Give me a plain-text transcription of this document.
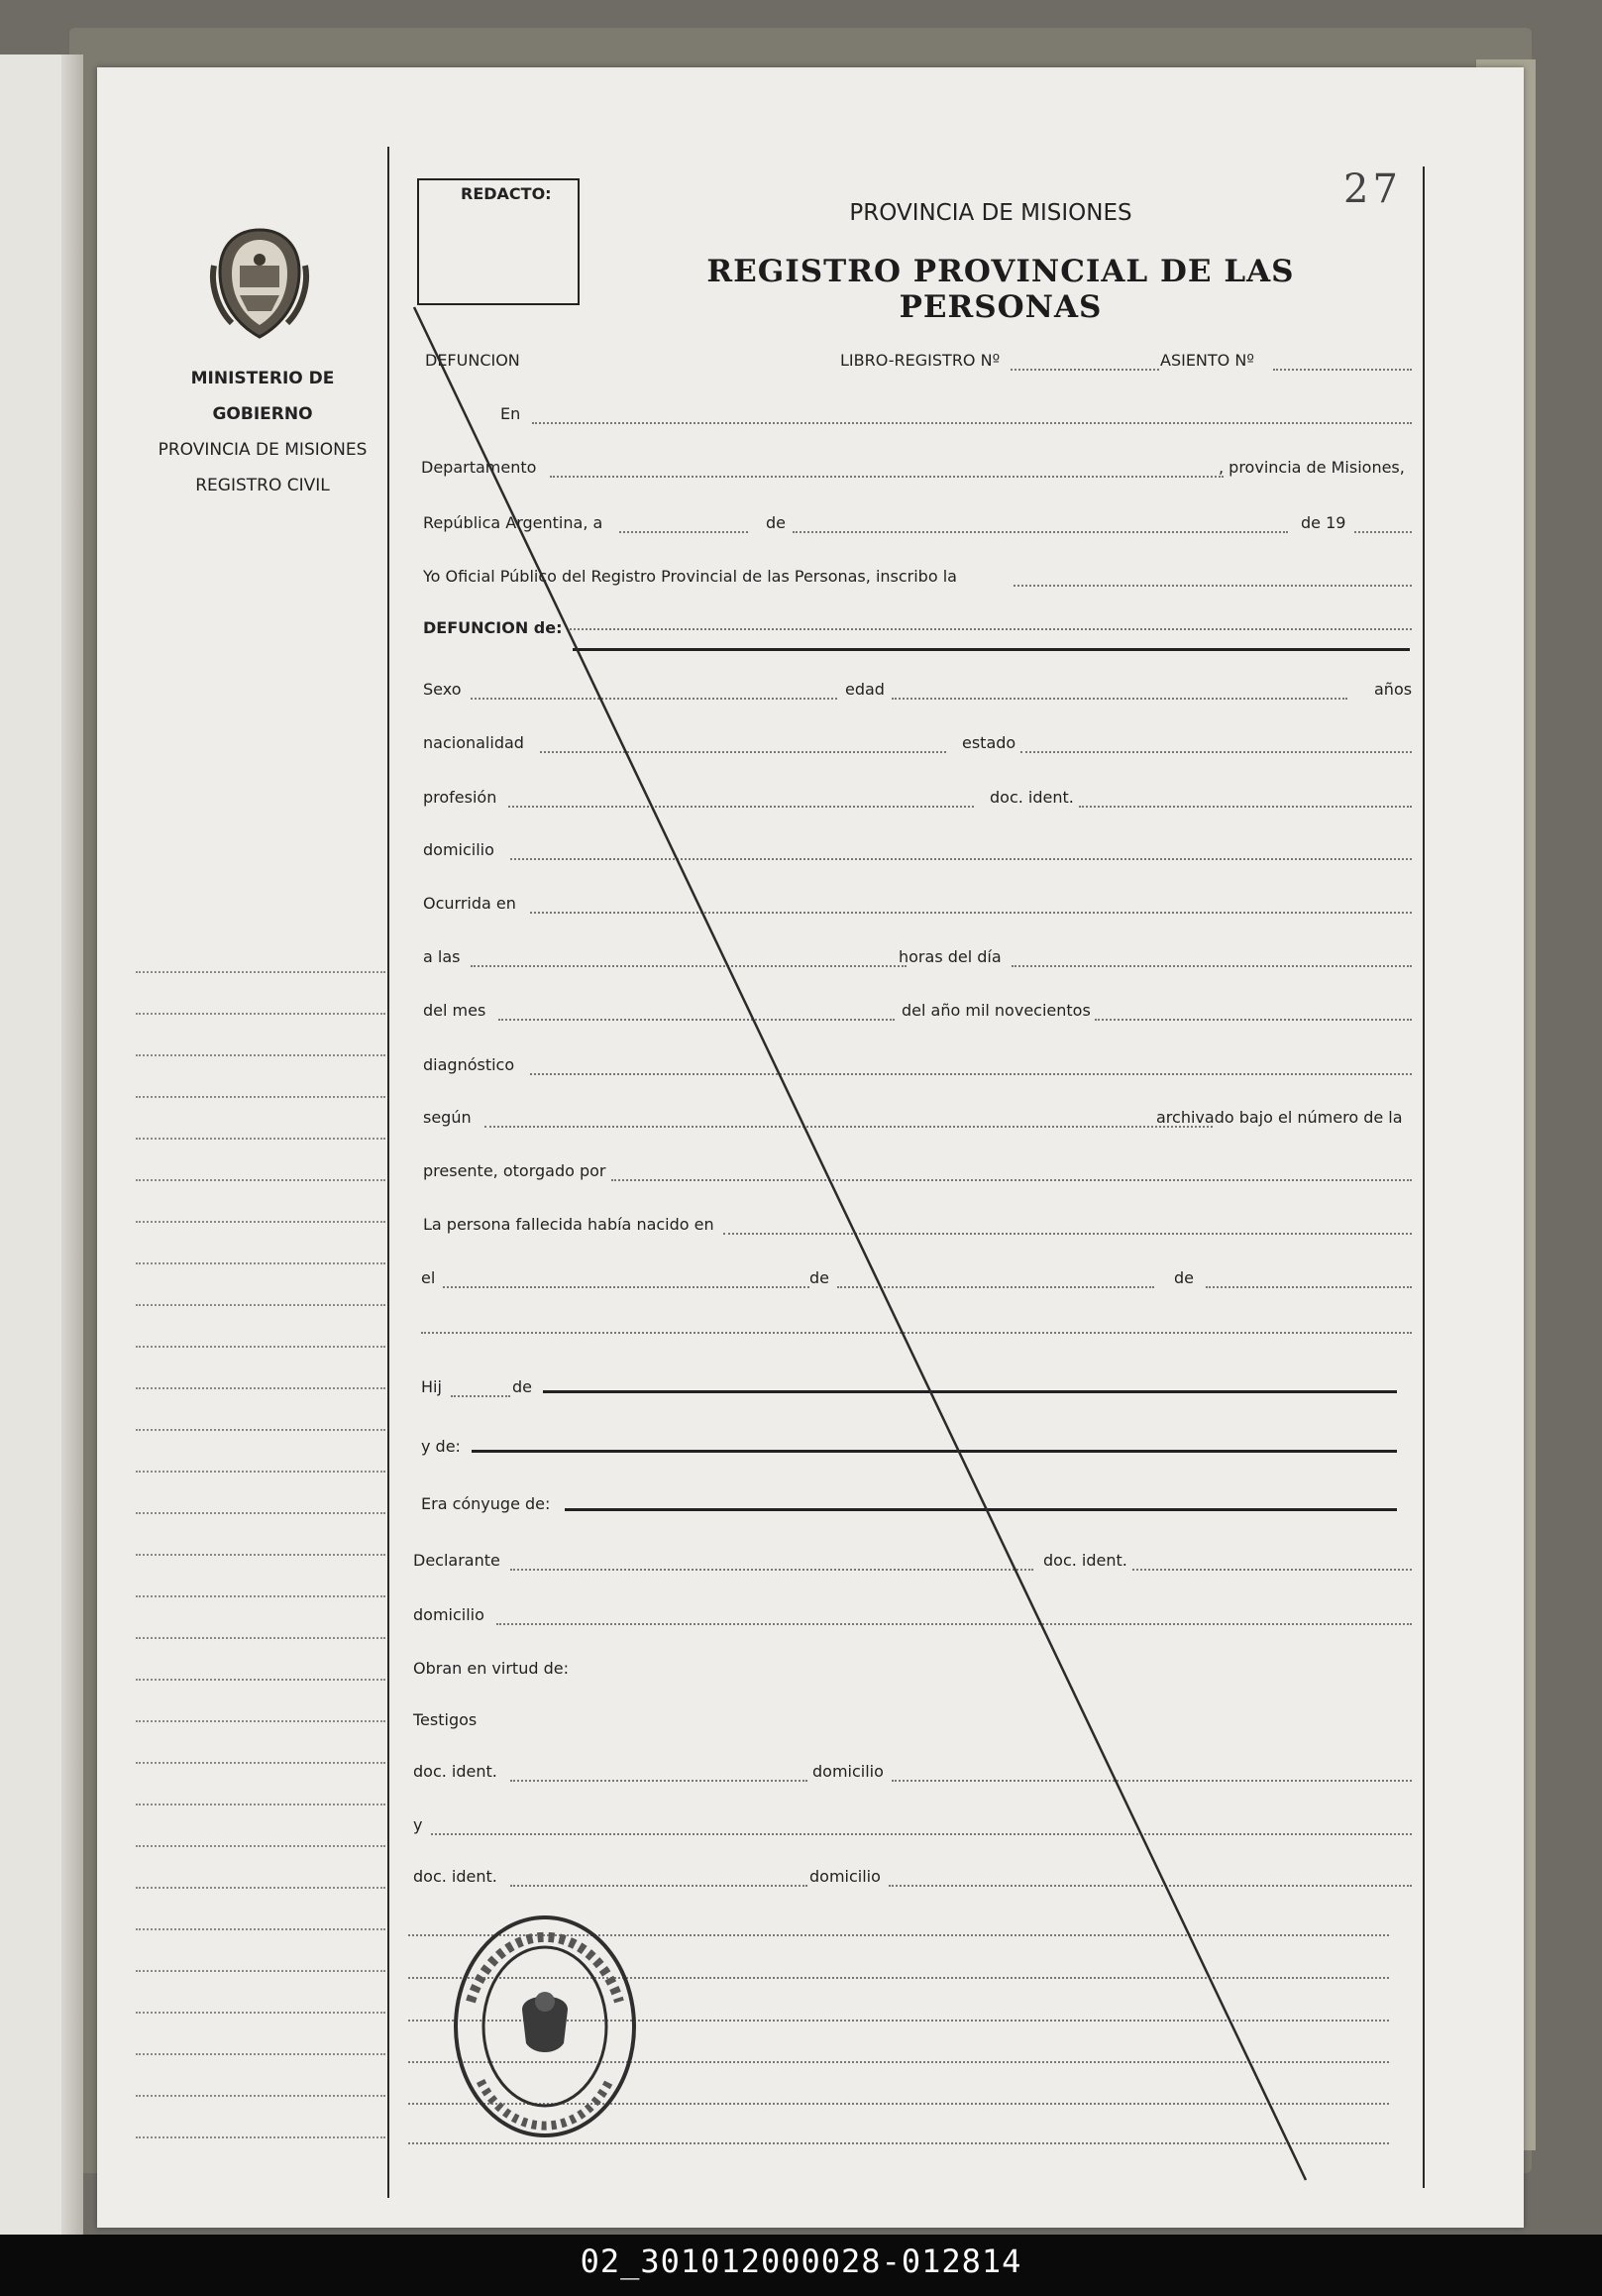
REDACTO:	27
PROVINCIA DE MISIONES
REGISTRO PROVINCIAL DE LAS PERSONAS
MINISTERIO DE GOBIERNO
PROVINCIA DE MISIONES
REGISTRO CIVIL
DEFUNCION	LIBRO-REGISTRO Nº	ASIENTO Nº
En
Departamento	, provincia de Misiones,
República Argentina, a	de	de 19
Yo Oficial Público del Registro Provincial de las Personas, inscribo la
DEFUNCION de:
Sexo	edad	años
nacionalidad	estado
profesión	doc. ident.
domicilio
Ocurrida en
a las	horas del día
del mes	del año mil novecientos
diagnóstico
según	archivado bajo el número de la
presente, otorgado por
La persona fallecida había nacido en
el	de	de
Hij	de
y de:
Era cónyuge de:
Declarante	doc. ident.
domicilio
Obran en virtud de:
Testigos
doc. ident.	domicilio
y
doc. ident.	domicilio
02_301012000028-012814
